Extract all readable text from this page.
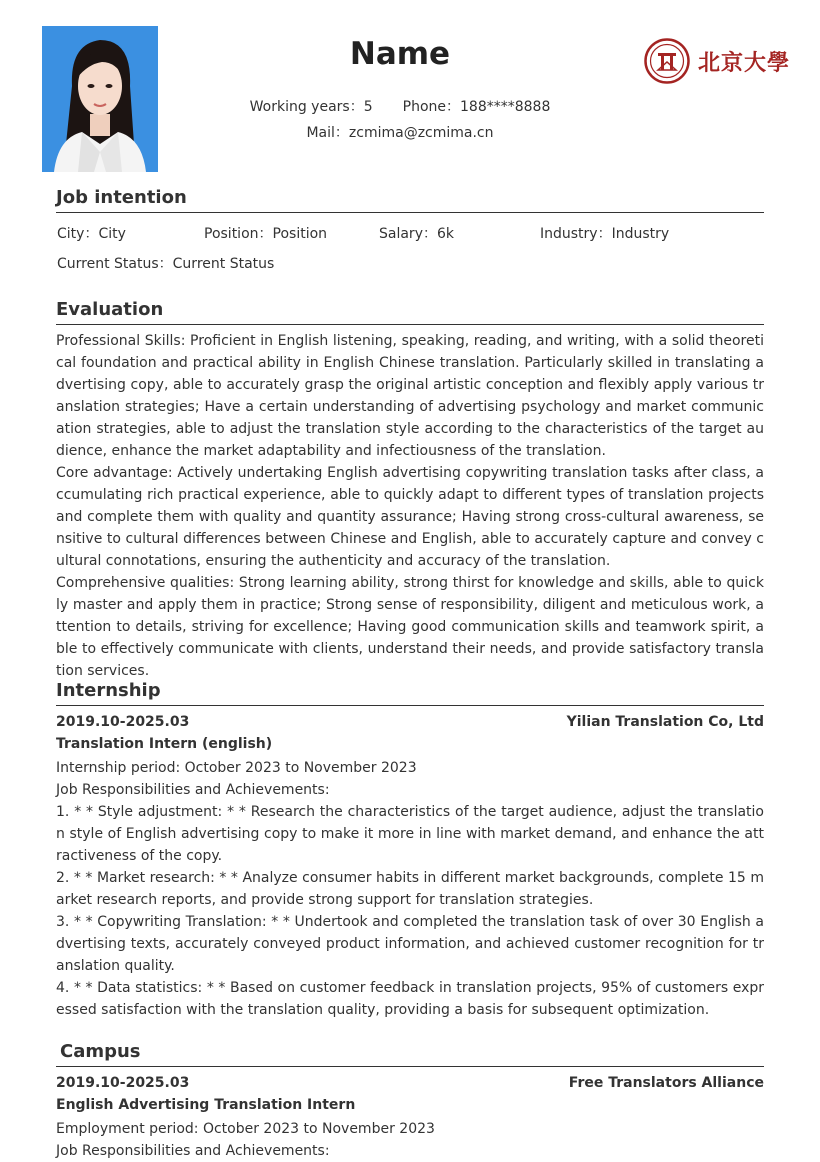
Name
Working years：5 Phone：188****8888
Mail：zcmima@zcmima.cn
北京大學
Job intention
City：City	Position：Position	Salary：6k	Industry：Industry
Current Status：Current Status
Evaluation

Professional Skills: Proficient in English listening, speaking, reading, and writing, with a solid theoretical foundation and practical ability in English Chinese translation. Particularly skilled in translating advertising copy, able to accurately grasp the original artistic conception and flexibly apply various translation strategies; Have a certain understanding of advertising psychology and market communication strategies, able to adjust the translation style according to the characteristics of the target audience, enhance the market adaptability and infectiousness of the translation.

Core advantage: Actively undertaking English advertising copywriting translation tasks after class, accumulating rich practical experience, able to quickly adapt to different types of translation projects and complete them with quality and quantity assurance; Having strong cross-cultural awareness, sensitive to cultural differences between Chinese and English, able to accurately capture and convey cultural connotations, ensuring the authenticity and accuracy of the translation.

Comprehensive qualities: Strong learning ability, strong thirst for knowledge and skills, able to quickly master and apply them in practice; Strong sense of responsibility, diligent and meticulous work, attention to details, striving for excellence; Having good communication skills and teamwork spirit, able to effectively communicate with clients, understand their needs, and provide satisfactory translation services.

Internship
2019.10-2025.03	Yilian Translation Co, Ltd
Translation Intern (english)

Internship period: October 2023 to November 2023

Job Responsibilities and Achievements:

1. * * Style adjustment: * * Research the characteristics of the target audience, adjust the translation style of English advertising copy to make it more in line with market demand, and enhance the attractiveness of the copy.

2. * * Market research: * * Analyze consumer habits in different market backgrounds, complete 15 market research reports, and provide strong support for translation strategies.

3. * * Copywriting Translation: * * Undertook and completed the translation task of over 30 English advertising texts, accurately conveyed product information, and achieved customer recognition for translation quality.

4. * * Data statistics: * * Based on customer feedback in translation projects, 95% of customers expressed satisfaction with the translation quality, providing a basis for subsequent optimization.

Campus
2019.10-2025.03	Free Translators Alliance
English Advertising Translation Intern

Employment period: October 2023 to November 2023

Job Responsibilities and Achievements:
